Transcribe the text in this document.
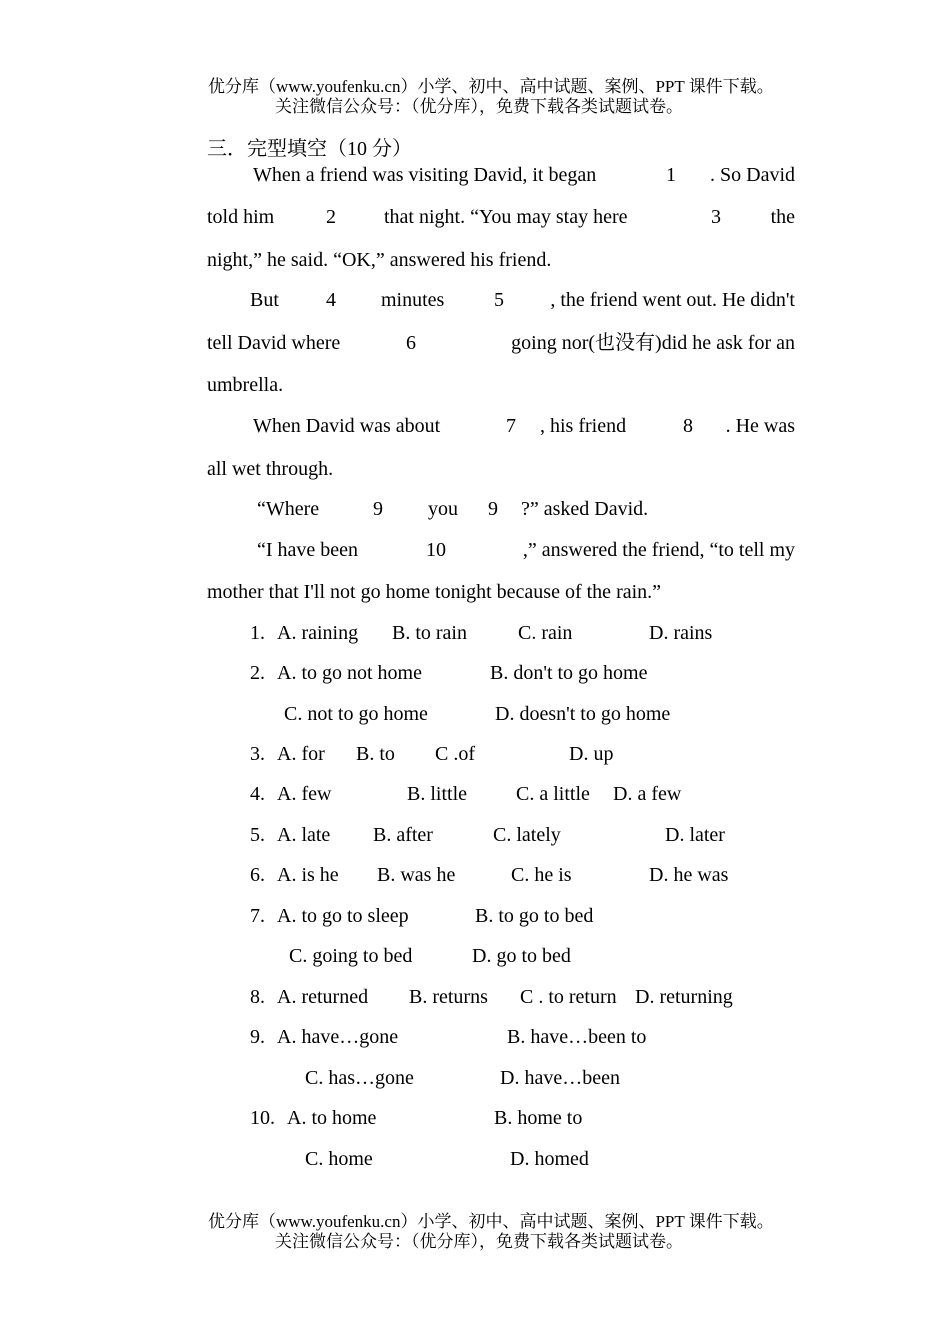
优分库（www.youfenku.cn）小学、初中、高中试题、案例、PPT 课件下载。
关注微信公众号：（优分库），免费下载各类试题试卷。
三．完型填空（10 分）
When a friend was visiting David, it began	1 . So David
told him	2 that night. “You may stay here	3 the
night,” he said. “OK,” answered his friend.
But 4 minutes 5 , the friend went out. He didn't
tell David where	6	going nor(也没有)did he ask for an
umbrella.
When David was about	7 , his friend	8 . He was
all wet through.
“Where	9 you 9 ?” asked David.
“I have been	10	,” answered the friend, “to tell my
mother that I'll not go home tonight because of the rain.”
1. A. raining B. to rain	C. rain	D. rains
2. A. to go not home	B. don't to go home
C. not to go home	D. doesn't to go home
3. A. for B. to C .of	D. up
4. A. few	B. little C. a little D. a few
5. A. late B. after	C. lately	D. later
6. A. is he B. was he	C. he is	D. he was
7. A. to go to sleep	B. to go to bed
C. going to bed	D. go to bed
8. A. returned B. returns C . to return D. returning
9. A. have…gone	B. have…been to
C. has…gone	D. have…been
10. A. to home	B. home to
C. home	D. homed
优分库（www.youfenku.cn）小学、初中、高中试题、案例、PPT 课件下载。
关注微信公众号：（优分库），免费下载各类试题试卷。
